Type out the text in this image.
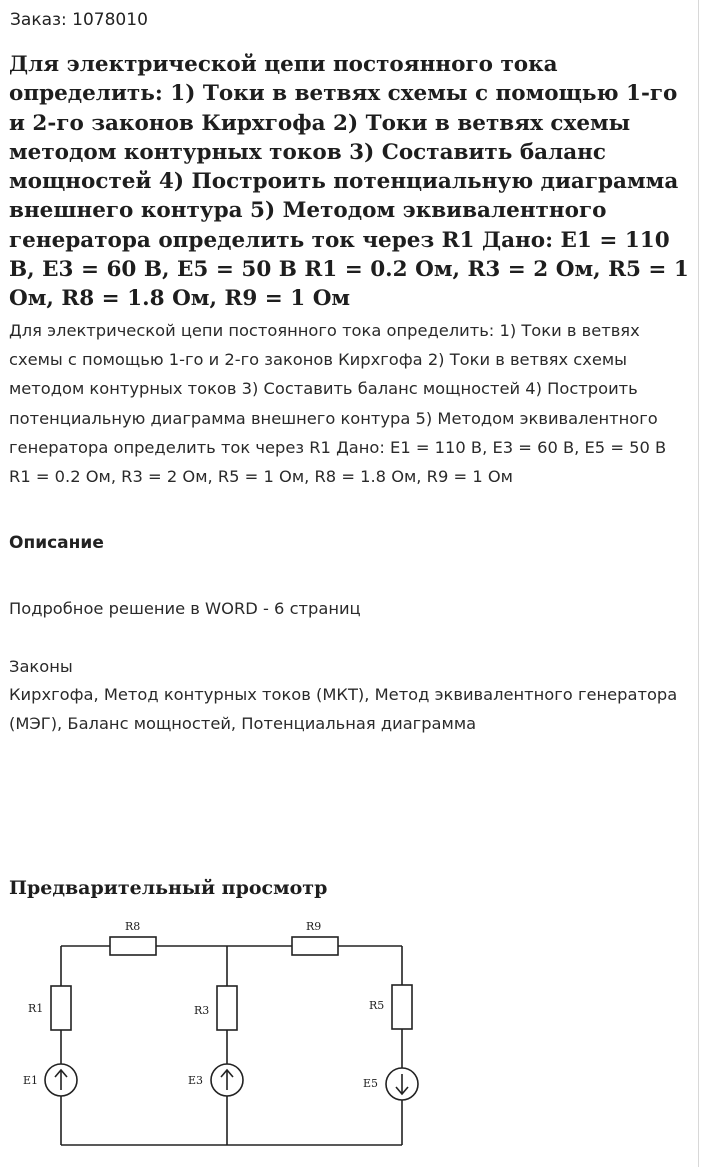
Заказ: 1078010
Для электрической цепи постоянного тока определить: 1) Токи в ветвях схемы с помощью 1-го и 2-го законов Кирхгофа 2) Токи в ветвях схемы методом контурных токов 3) Составить баланс мощностей 4) Построить потенциальную диаграмма внешнего контура 5) Методом эквивалентного генератора определить ток через R1 Дано: E1 = 110 В, E3 = 60 В, E5 = 50 В R1 = 0.2 Ом, R3 = 2 Ом, R5 = 1 Ом, R8 = 1.8 Ом, R9 = 1 Ом
Для электрической цепи постоянного тока определить: 1) Токи в ветвях схемы с помощью 1-го и 2-го законов Кирхгофа 2) Токи в ветвях схемы методом контурных токов 3) Составить баланс мощностей 4) Построить потенциальную диаграмма внешнего контура 5) Методом эквивалентного генератора определить ток через R1 Дано: E1 = 110 В, E3 = 60 В, E5 = 50 В R1 = 0.2 Ом, R3 = 2 Ом, R5 = 1 Ом, R8 = 1.8 Ом, R9 = 1 Ом
Описание
Подробное решение в WORD - 6 страниц
Законы
Кирхгофа, Метод контурных токов (МКТ), Метод эквивалентного генератора (МЭГ), Баланс мощностей, Потенциальная диаграмма
Предварительный просмотр
R8	R9
R1	R3	R5
E1	E3	E5
